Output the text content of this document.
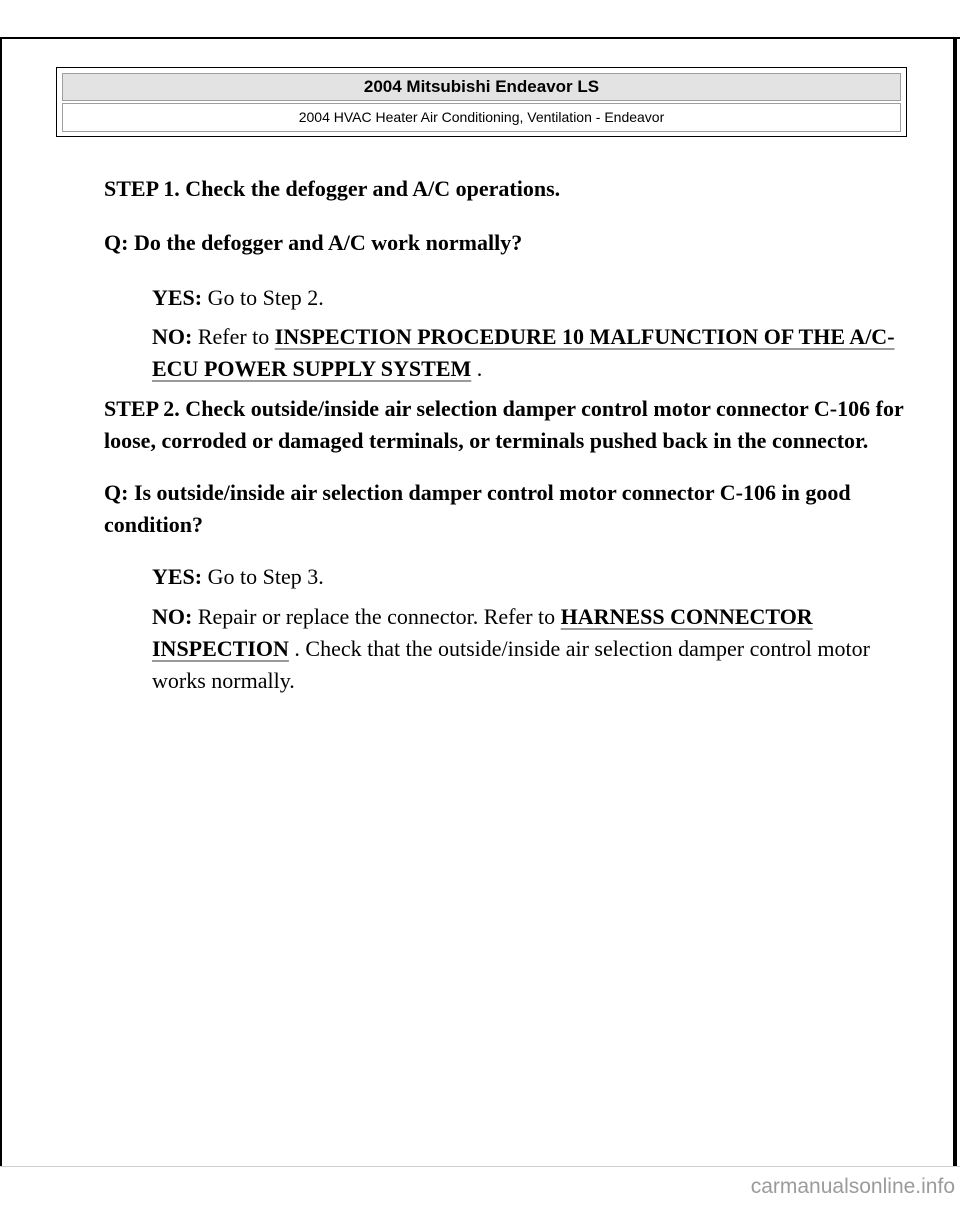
2004 Mitsubishi Endeavor LS
2004 HVAC Heater Air Conditioning, Ventilation - Endeavor

STEP 1. Check the defogger and A/C operations.

Q: Do the defogger and A/C work normally?

YES: Go to Step 2.

NO: Refer to INSPECTION PROCEDURE 10 MALFUNCTION OF THE A/C-ECU POWER SUPPLY SYSTEM .

STEP 2. Check outside/inside air selection damper control motor connector C-106 for loose, corroded or damaged terminals, or terminals pushed back in the connector.

Q: Is outside/inside air selection damper control motor connector C-106 in good condition?

YES: Go to Step 3.

NO: Repair or replace the connector. Refer to HARNESS CONNECTOR INSPECTION . Check that the outside/inside air selection damper control motor works normally.

carmanualsonline.info
